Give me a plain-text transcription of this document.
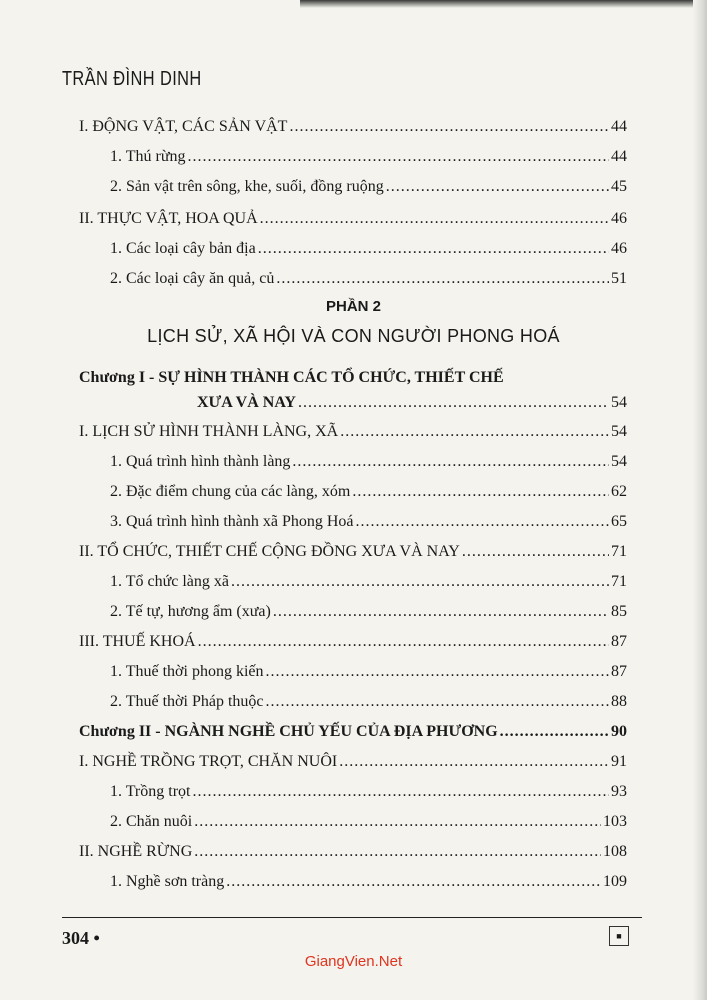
TRẦN ĐÌNH DINH
I. ĐỘNG VẬT, CÁC SẢN VẬT .....	44
1. Thú rừng .....	44
2. Sản vật trên sông, khe, suối, đồng ruộng .....	45
II. THỰC VẬT, HOA QUẢ .....	46
1. Các loại cây bản địa .....	46
2. Các loại cây ăn quả, củ .....	51
PHẦN 2
LỊCH SỬ, XÃ HỘI VÀ CON NGƯỜI PHONG HOÁ
Chương I - SỰ HÌNH THÀNH CÁC TỔ CHỨC, THIẾT CHẾ
XƯA VÀ NAY .....	54
I. LỊCH SỬ HÌNH THÀNH LÀNG, XÃ .....	54
1. Quá trình hình thành làng .....	54
2. Đặc điểm chung của các làng, xóm .....	62
3. Quá trình hình thành xã Phong Hoá .....	65
II. TỔ CHỨC, THIẾT CHẾ CỘNG ĐỒNG XƯA VÀ NAY .....	71
1. Tổ chức làng xã .....	71
2. Tế tự, hương ẩm (xưa) .....	85
III. THUẾ KHOÁ .....	87
1. Thuế thời phong kiến .....	87
2. Thuế thời Pháp thuộc .....	88
Chương II - NGÀNH NGHỀ CHỦ YẾU CỦA ĐỊA PHƯƠNG .....	90
I. NGHỀ TRỒNG TRỌT, CHĂN NUÔI .....	91
1. Trồng trọt .....	93
2. Chăn nuôi .....	103
II. NGHỀ RỪNG .....	108
1. Nghề sơn tràng .....	109
304 •	■
GiangVien.Net
